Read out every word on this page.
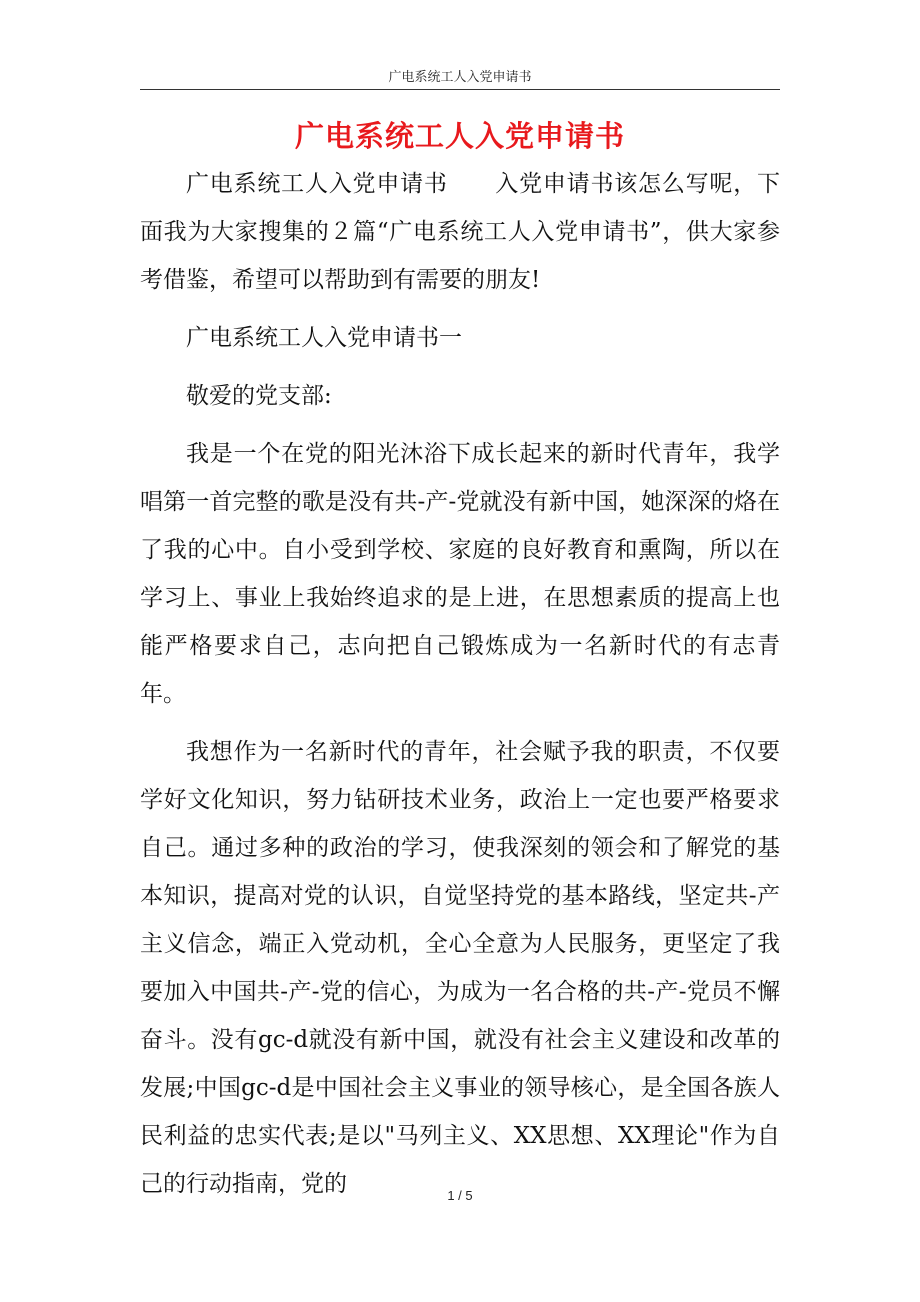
广电系统工人入党申请书
广电系统工人入党申请书

广电系统工人入党申请书　　入党申请书该怎么写呢，下面我为大家搜集的２篇“广电系统工人入党申请书”，供大家参考借鉴，希望可以帮助到有需要的朋友!

广电系统工人入党申请书一

敬爱的党支部:

我是一个在党的阳光沐浴下成长起来的新时代青年，我学唱第一首完整的歌是没有共-产-党就没有新中国，她深深的烙在了我的心中。自小受到学校、家庭的良好教育和熏陶，所以在学习上、事业上我始终追求的是上进，在思想素质的提高上也能严格要求自己，志向把自己锻炼成为一名新时代的有志青年。

我想作为一名新时代的青年，社会赋予我的职责，不仅要学好文化知识，努力钻研技术业务，政治上一定也要严格要求自己。通过多种的政治的学习，使我深刻的领会和了解党的基本知识，提高对党的认识，自觉坚持党的基本路线，坚定共-产主义信念，端正入党动机，全心全意为人民服务，更坚定了我要加入中国共-产-党的信心，为成为一名合格的共-产-党员不懈奋斗。没有gc-d就没有新中国，就没有社会主义建设和改革的发展;中国gc-d是中国社会主义事业的领导核心，是全国各族人民利益的忠实代表;是以"马列主义、XX思想、XX理论"作为自己的行动指南，党的	1 / 5
